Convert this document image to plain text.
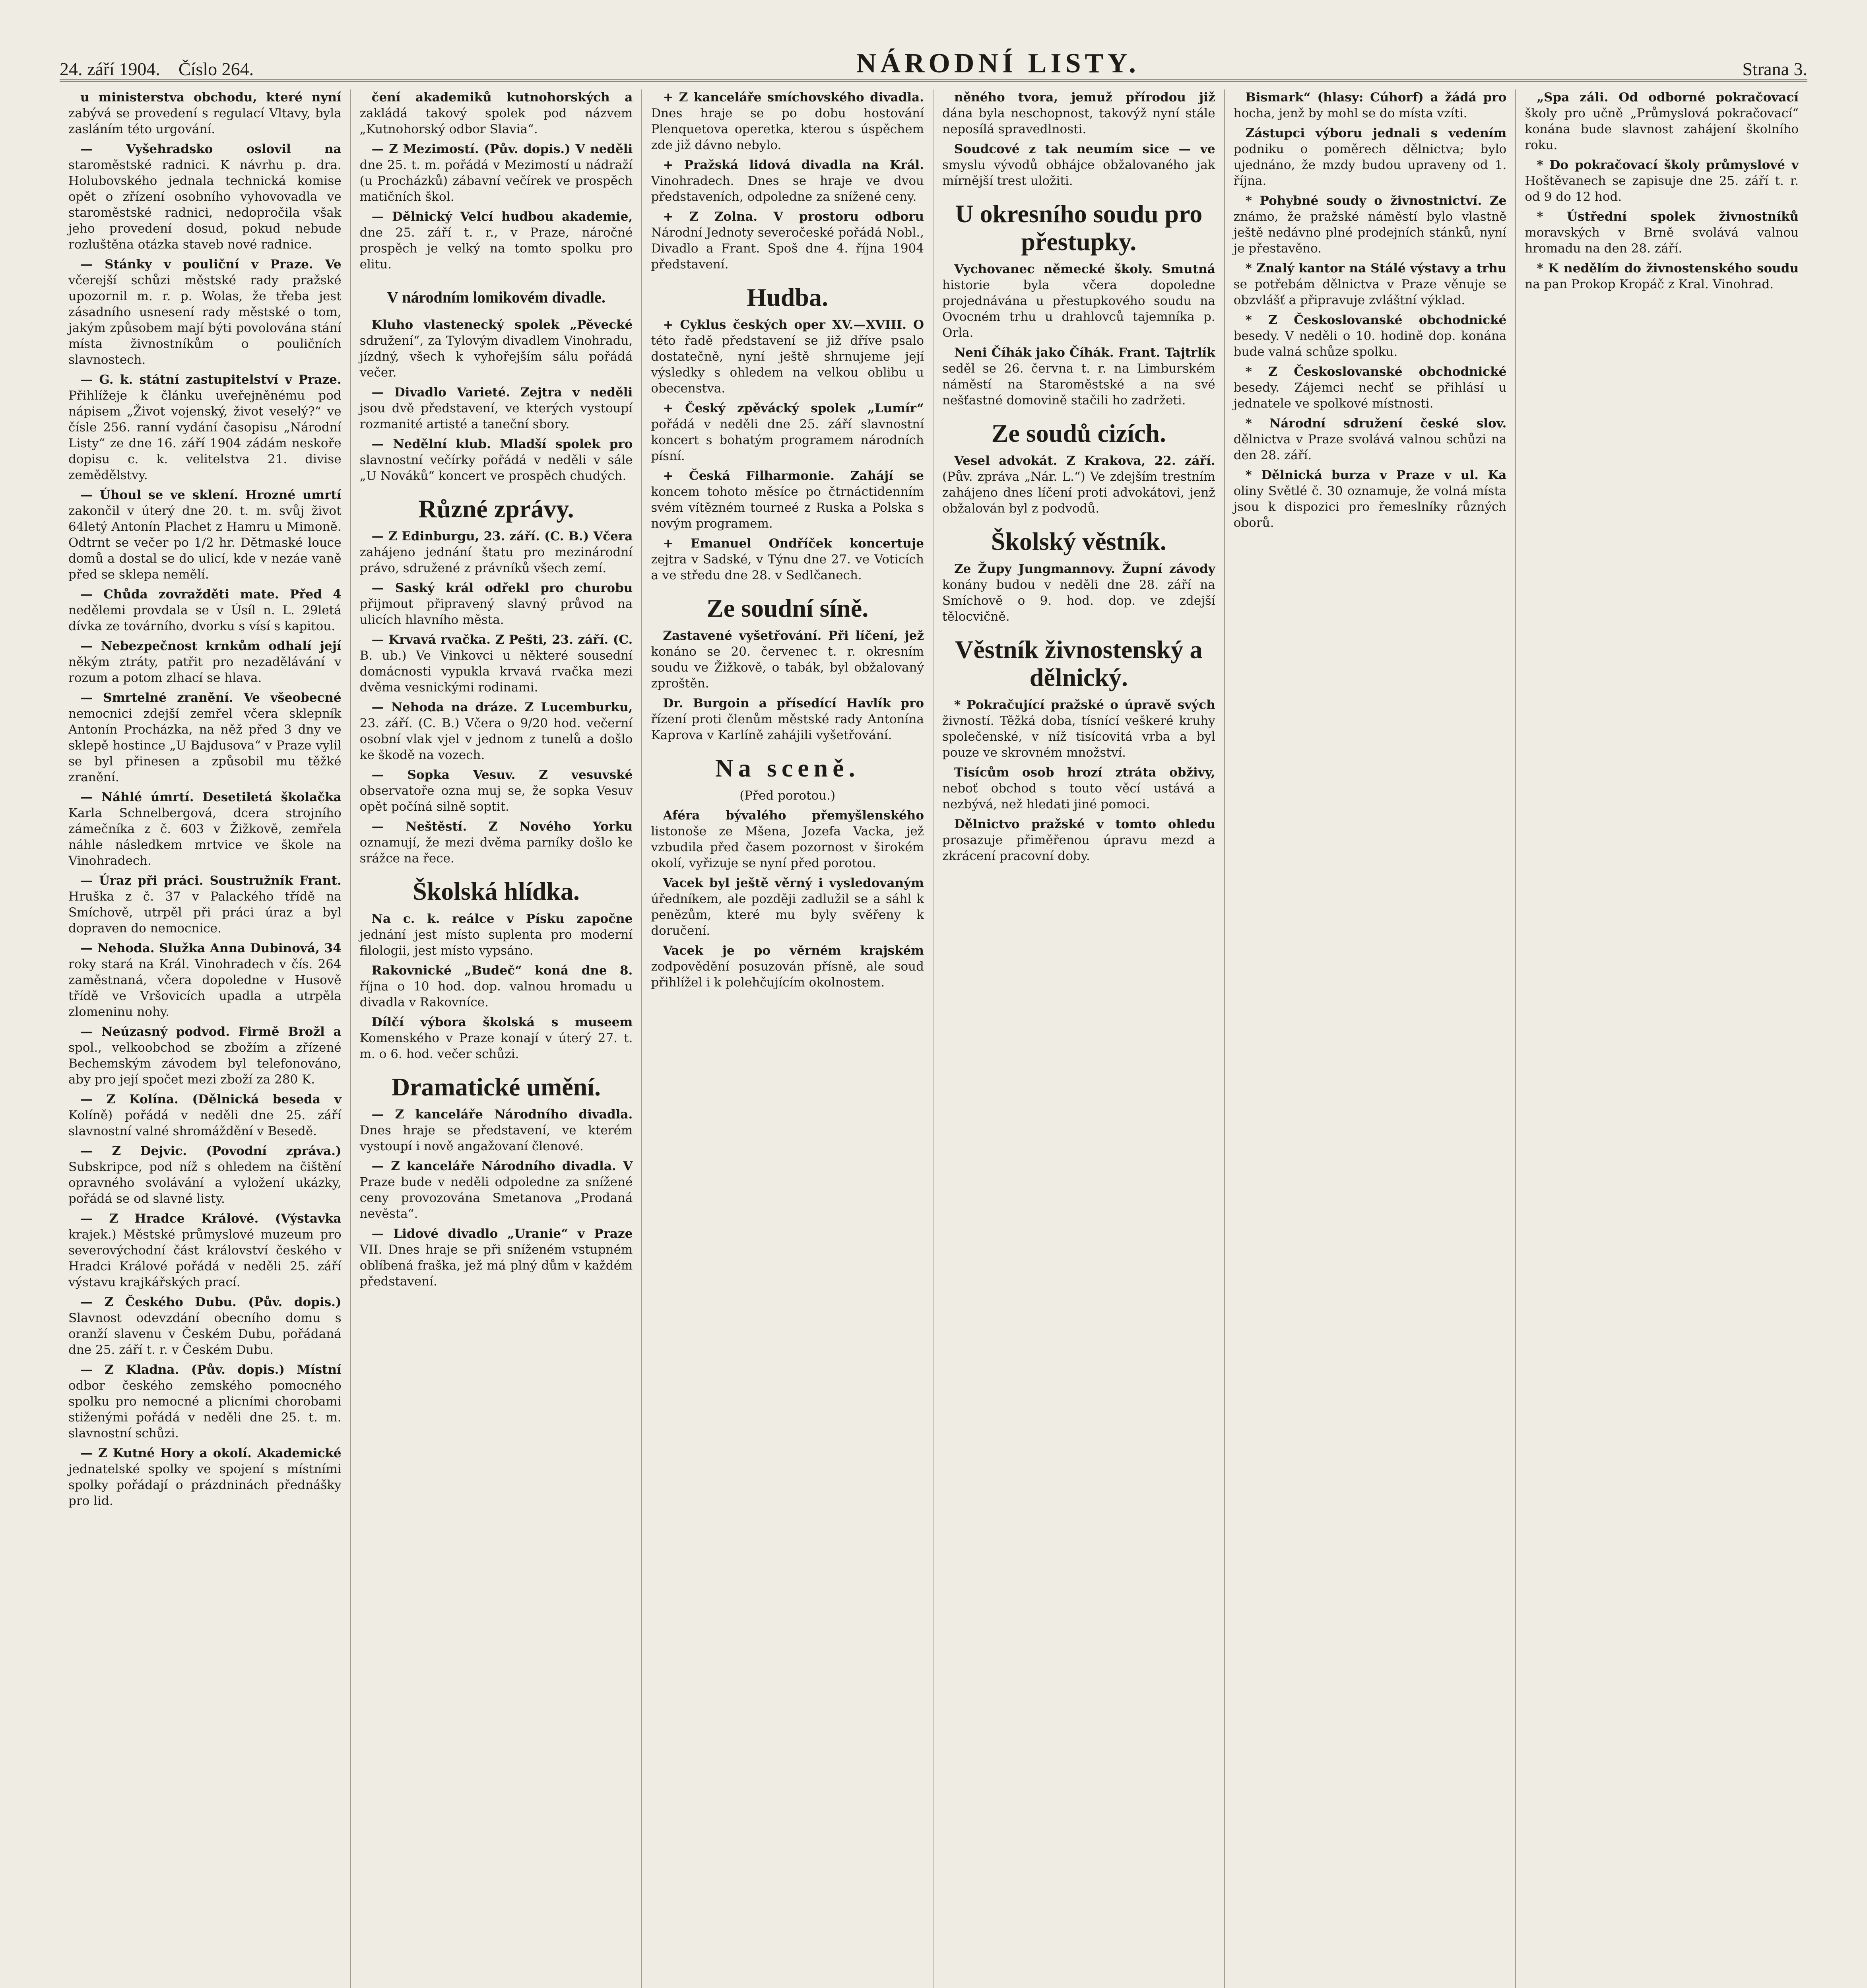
24. září 1904. Číslo 264.	NÁRODNÍ LISTY.	Strana 3.

u ministerstva obchodu, které nyní zabývá se provedení s regulací Vltavy, byla zasláním této urgování.

— Vyšehradsko oslovil na staroměstské radnici. K návrhu p. dra. Holubovského jednala technická komise opět o zřízení osobního vyhovovadla ve staroměstské radnici, nedopročila však jeho provedení dosud, pokud nebude rozluštěna otázka staveb nové radnice.

— Stánky v pouliční v Praze. Ve včerejší schůzi městské rady pražské upozornil m. r. p. Wolas, že třeba jest zásadního usnesení rady městské o tom, jakým způsobem mají býti povolována stání místa živnostníkům o pouličních slavnostech.

— G. k. státní zastupitelství v Praze. Přihlížeje k článku uveřejněnému pod nápisem „Život vojenský, život veselý?“ ve čísle 256. ranní vydání časopisu „Národní Listy“ ze dne 16. září 1904 zádám neskoře dopisu c. k. velitelstva 21. divise zemědělstvy.

— Úhoul se ve sklení. Hrozné umrtí zakončil v úterý dne 20. t. m. svůj život 64letý Antonín Plachet z Hamru u Mimoně. Odtrnt se večer po 1/2 hr. Dětmaské louce domů a dostal se do ulicí, kde v nezáe vaně před se sklepa nemělí.

— Chůda zovražděti mate. Před 4 nedělemi provdala se v Úsíl n. L. 29letá dívka ze továrního, dvorku s vísí s kapitou.

— Nebezpečnost krnkům odhalí její někým ztráty, patřit pro nezadělávání v rozum a potom zlhací se hlava.

— Smrtelné zranění. Ve všeobecné nemocnici zdejší zemřel včera sklepník Antonín Procházka, na něž před 3 dny ve sklepě hostince „U Bajdusova“ v Praze vylil se byl přinesen a způsobil mu těžké zranění.

— Náhlé úmrtí. Desetiletá školačka Karla Schnelbergová, dcera strojního zámečníka z č. 603 v Žižkově, zemřela náhle následkem mrtvice ve škole na Vinohradech.

— Úraz při práci. Soustružník Frant. Hruška z č. 37 v Palackého třídě na Smíchově, utrpěl při práci úraz a byl dopraven do nemocnice.

— Nehoda. Služka Anna Dubinová, 34 roky stará na Král. Vinohradech v čís. 264 zaměstnaná, včera dopoledne v Husově třídě ve Vršovicích upadla a utrpěla zlomeninu nohy.

— Neúzasný podvod. Firmě Brožl a spol., velkoobchod se zbožím a zřízené Bechemským závodem byl telefonováno, aby pro její spočet mezi zboží za 280 K.

— Z Kolína. (Dělnická beseda v Kolíně) pořádá v neděli dne 25. září slavnostní valné shromáždění v Besedě.

— Z Dejvic. (Povodní zpráva.) Subskripce, pod níž s ohledem na čištění opravného svolávání a vyložení ukázky, pořádá se od slavné listy.

— Z Hradce Králové. (Výstavka krajek.) Městské průmyslové muzeum pro severovýchodní část království českého v Hradci Králové pořádá v neděli 25. září výstavu krajkářských prací.

— Z Českého Dubu. (Pův. dopis.) Slavnost odevzdání obecního domu s oranží slavenu v Českém Dubu, pořádaná dne 25. září t. r. v Českém Dubu.

— Z Kladna. (Pův. dopis.) Místní odbor českého zemského pomocného spolku pro nemocné a plicními chorobami stiženými pořádá v neděli dne 25. t. m. slavnostní schůzi.

— Z Kutné Hory a okolí. Akademické jednatelské spolky ve spojení s místními spolky pořádají o prázdninách přednášky pro lid.

čení akademiků kutnohorských a zakládá takový spolek pod názvem „Kutnohorský odbor Slavia“.

— Z Mezimostí. (Pův. dopis.) V neděli dne 25. t. m. pořádá v Mezimostí u nádraží (u Procházků) zábavní večírek ve prospěch matičních škol.

— Dělnický Velcí hudbou akademie, dne 25. září t. r., v Praze, náročné prospěch je velký na tomto spolku pro elitu.

V národním lomikovém divadle.

Kluho vlastenecký spolek „Pěvecké sdružení“, za Tylovým divadlem Vinohradu, jízdný, všech k vyhořejším sálu pořádá večer.

— Divadlo Varieté. Zejtra v neděli jsou dvě představení, ve kterých vystoupí rozmanité artisté a taneční sbory.

— Nedělní klub. Mladší spolek pro slavnostní večírky pořádá v neděli v sále „U Nováků“ koncert ve prospěch chudých.

Různé zprávy.

— Z Edinburgu, 23. září. (C. B.) Včera zahájeno jednání štatu pro mezinárodní právo, sdružené z právníků všech zemí.

— Saský král odřekl pro churobu přijmout připravený slavný průvod na ulicích hlavního města.

— Krvavá rvačka. Z Pešti, 23. září. (C. B. ub.) Ve Vinkovci u některé sousední domácnosti vypukla krvavá rvačka mezi dvěma vesnickými rodinami.

— Nehoda na dráze. Z Lucemburku, 23. září. (C. B.) Včera o 9/20 hod. večerní osobní vlak vjel v jednom z tunelů a došlo ke škodě na vozech.

— Sopka Vesuv. Z vesuvské observatoře ozna muj se, že sopka Vesuv opět počíná silně soptit.

— Neštěstí. Z Nového Yorku oznamují, že mezi dvěma parníky došlo ke srážce na řece.

Školská hlídka.

Na c. k. reálce v Písku započne jednání jest místo suplenta pro moderní filologii, jest místo vypsáno.

Rakovnické „Budeč“ koná dne 8. října o 10 hod. dop. valnou hromadu u divadla v Rakovníce.

Dílčí výbora školská s museem Komenského v Praze konají v úterý 27. t. m. o 6. hod. večer schůzi.

Dramatické umění.

— Z kanceláře Národního divadla. Dnes hraje se představení, ve kterém vystoupí i nově angažovaní členové.

— Z kanceláře Národního divadla. V Praze bude v neděli odpoledne za snížené ceny provozována Smetanova „Prodaná nevěsta“.

— Lidové divadlo „Uranie“ v Praze VII. Dnes hraje se při sníženém vstupném oblíbená fraška, jež má plný dům v každém představení.

+ Z kanceláře smíchovského divadla. Dnes hraje se po dobu hostování Plenquetova operetka, kterou s úspěchem zde již dávno nebylo.

+ Pražská lidová divadla na Král. Vinohradech. Dnes se hraje ve dvou představeních, odpoledne za snížené ceny.

+ Z Zolna. V prostoru odboru Národní Jednoty severočeské pořádá Nobl., Divadlo a Frant. Spoš dne 4. října 1904 představení.

Hudba.

+ Cyklus českých oper XV.—XVIII. O této řadě představení se již dříve psalo dostatečně, nyní ještě shrnujeme její výsledky s ohledem na velkou oblibu u obecenstva.

+ Český zpěvácký spolek „Lumír“ pořádá v neděli dne 25. září slavnostní koncert s bohatým programem národních písní.

+ Česká Filharmonie. Zahájí se koncem tohoto měsíce po čtrnáctidenním svém vítězném tourneé z Ruska a Polska s novým programem.

+ Emanuel Ondříček koncertuje zejtra v Sadské, v Týnu dne 27. ve Voticích a ve středu dne 28. v Sedlčanech.

Ze soudní síně.

Zastavené vyšetřování. Při líčení, jež konáno se 20. červenec t. r. okresním soudu ve Žižkově, o tabák, byl obžalovaný zproštěn.

Dr. Burgoin a přísedící Havlík pro řízení proti členům městské rady Antonína Kaprova v Karlíně zahájili vyšetřování.

Na sceně.
(Před porotou.)

Aféra bývalého přemyšlenského listonoše ze Mšena, Jozefa Vacka, jež vzbudila před časem pozornost v širokém okolí, vyřizuje se nyní před porotou.

Vacek byl ještě věrný i vysledovaným úředníkem, ale později zadlužil se a sáhl k penězům, které mu byly svěřeny k doručení.

Vacek je po věrném krajském zodpovědění posuzován přísně, ale soud přihlížel i k polehčujícím okolnostem.

něného tvora, jemuž přírodou již dána byla neschopnost, takovýž nyní stále neposílá spravedlnosti.

Soudcové z tak neumím sice — ve smyslu vývodů obhájce obžalovaného jak mírnější trest uložiti.

U okresního soudu pro přestupky.

Vychovanec německé školy. Smutná historie byla včera dopoledne projednávána u přestupkového soudu na Ovocném trhu u drahlovců tajemníka p. Orla.

Neni Číhák jako Číhák. Frant. Tajtrlík seděl se 26. června t. r. na Limburském náměstí na Staroměstské a na své nešťastné domovině stačili ho zadržeti.

Ze soudů cizích.

Vesel advokát. Z Krakova, 22. září. (Pův. zpráva „Nár. L.“) Ve zdejším trestním zahájeno dnes líčení proti advokátovi, jenž obžalován byl z podvodů.

Školský věstník.

Ze Župy Jungmannovy. Župní závody konány budou v neděli dne 28. září na Smíchově o 9. hod. dop. ve zdejší tělocvičně.

Věstník živnostenský a dělnický.

* Pokračující pražské o úpravě svých živností. Těžká doba, tísnící veškeré kruhy společenské, v níž tisícovitá vrba a byl pouze ve skrovném množství.

Tisícům osob hrozí ztráta obživy, neboť obchod s touto věcí ustává a nezbývá, než hledati jiné pomoci.

Dělnictvo pražské v tomto ohledu prosazuje přiměřenou úpravu mezd a zkrácení pracovní doby.

Bismark“ (hlasy: Cúhorf) a žádá pro hocha, jenž by mohl se do místa vzíti.

Zástupci výboru jednali s vedením podniku o poměrech dělnictva; bylo ujednáno, že mzdy budou upraveny od 1. října.

* Pohybné soudy o živnostnictví. Ze známo, že pražské náměstí bylo vlastně ještě nedávno plné prodejních stánků, nyní je přestavěno.

* Znalý kantor na Stálé výstavy a trhu se potřebám dělnictva v Praze věnuje se obzvlášť a připravuje zvláštní výklad.

* Z Českoslovanské obchodnické besedy. V neděli o 10. hodině dop. konána bude valná schůze spolku.

* Z Českoslovanské obchodnické besedy. Zájemci nechť se přihlásí u jednatele ve spolkové místnosti.

* Národní sdružení české slov. dělnictva v Praze svolává valnou schůzi na den 28. září.

* Dělnická burza v Praze v ul. Ka oliny Světlé č. 30 oznamuje, že volná místa jsou k dispozici pro řemeslníky různých oborů.

„Spa záli. Od odborné pokračovací školy pro učně „Průmyslová pokračovací“ konána bude slavnost zahájení školního roku.

* Do pokračovací školy průmyslové v Hoštěvanech se zapisuje dne 25. září t. r. od 9 do 12 hod.

* Ústřední spolek živnostníků moravských v Brně svolává valnou hromadu na den 28. září.

* K nedělím do živnostenského soudu na pan Prokop Kropáč z Kral. Vinohrad.
